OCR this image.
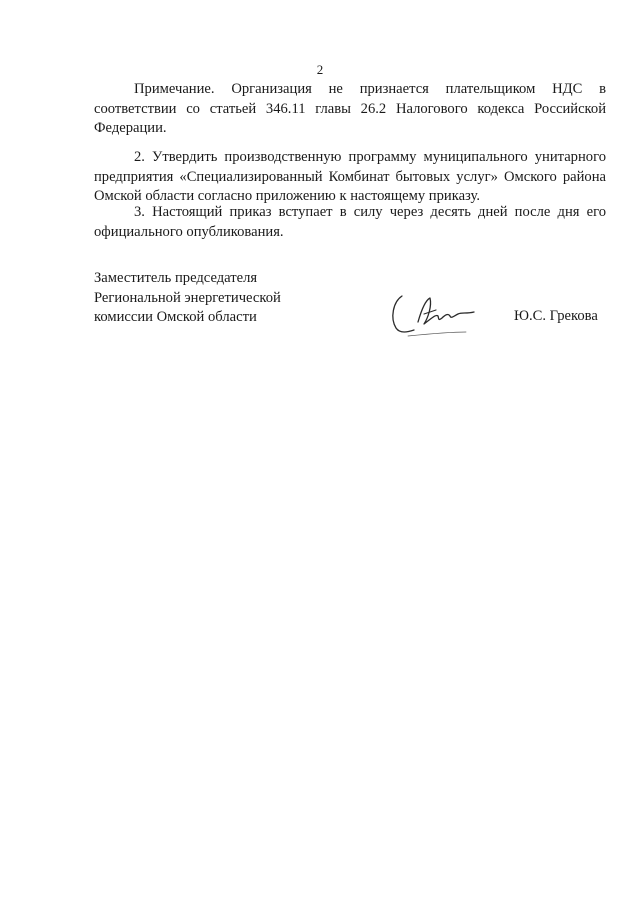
2

Примечание. Организация не признается плательщиком НДС в соответствии со статьей 346.11 главы 26.2 Налогового кодекса Российской Федерации.

2. Утвердить производственную программу муниципального унитарного предприятия «Специализированный Комбинат бытовых услуг» Омского района Омской области согласно приложению к настоящему приказу.

3. Настоящий приказ вступает в силу через десять дней после дня его официального опубликования.

Заместитель председателя
Региональной энергетической
комиссии Омской области	Ю.С. Грекова
